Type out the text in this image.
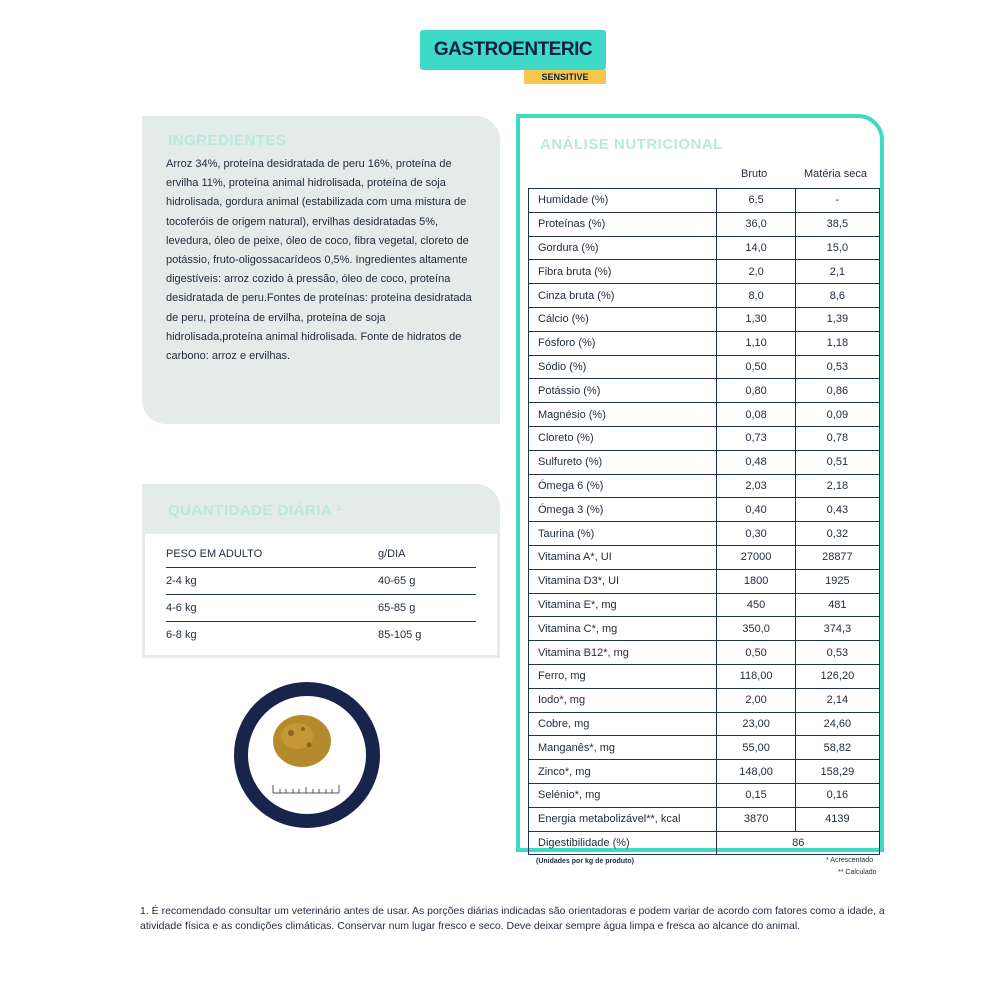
GASTROENTERIC
SENSITIVE
INGREDIENTES
Arroz 34%, proteína desidratada de peru 16%, proteína de ervilha 11%, proteína animal hidrolisada, proteína de soja hidrolisada, gordura animal (estabilizada com uma mistura de tocoferóis de origem natural), ervilhas desidratadas 5%, levedura, óleo de peixe, óleo de coco, fibra vegetal, cloreto de potássio, fruto-oligossacarídeos 0,5%. Ingredientes altamente digestíveis: arroz cozido à pressão, óleo de coco, proteína desidratada de peru.Fontes de proteínas: proteína desidratada de peru, proteína de ervilha, proteína de soja hidrolisada,proteína animal hidrolisada. Fonte de hidratos de carbono: arroz e ervilhas.
QUANTIDADE DIÁRIA ¹
PESO EM ADULTO	g/DIA
2-4 kg	40-65 g
4-6 kg	65-85 g
6-8 kg	85-105 g
ANÁLISE NUTRICIONAL
Bruto	Matéria seca
Humidade (%)	6,5	-
Proteínas (%)	36,0	38,5
Gordura (%)	14,0	15,0
Fibra bruta (%)	2,0	2,1
Cinza bruta (%)	8,0	8,6
Cálcio (%)	1,30	1,39
Fósforo (%)	1,10	1,18
Sódio (%)	0,50	0,53
Potássio (%)	0,80	0,86
Magnésio (%)	0,08	0,09
Cloreto (%)	0,73	0,78
Sulfureto (%)	0,48	0,51
Ómega 6 (%)	2,03	2,18
Ómega 3 (%)	0,40	0,43
Taurina (%)	0,30	0,32
Vitamina A*, UI	27000	28877
Vitamina D3*, UI	1800	1925
Vitamina E*, mg	450	481
Vitamina C*, mg	350,0	374,3
Vitamina B12*, mg	0,50	0,53
Ferro, mg	118,00	126,20
Iodo*, mg	2,00	2,14
Cobre, mg	23,00	24,60
Manganês*, mg	55,00	58,82
Zinco*, mg	148,00	158,29
Selénio*, mg	0,15	0,16
Energia metabolizável**, kcal	3870	4139
Digestibilidade (%)	86	
(Unidades por kg de produto)	* Acrescentado
** Calculado
1. É recomendado consultar um veterinário antes de usar. As porções diárias indicadas são orientadoras e podem variar de acordo com fatores como a idade, a atividade física e as condições climáticas. Conservar num lugar fresco e seco. Deve deixar sempre água limpa e fresca ao alcance do animal.
